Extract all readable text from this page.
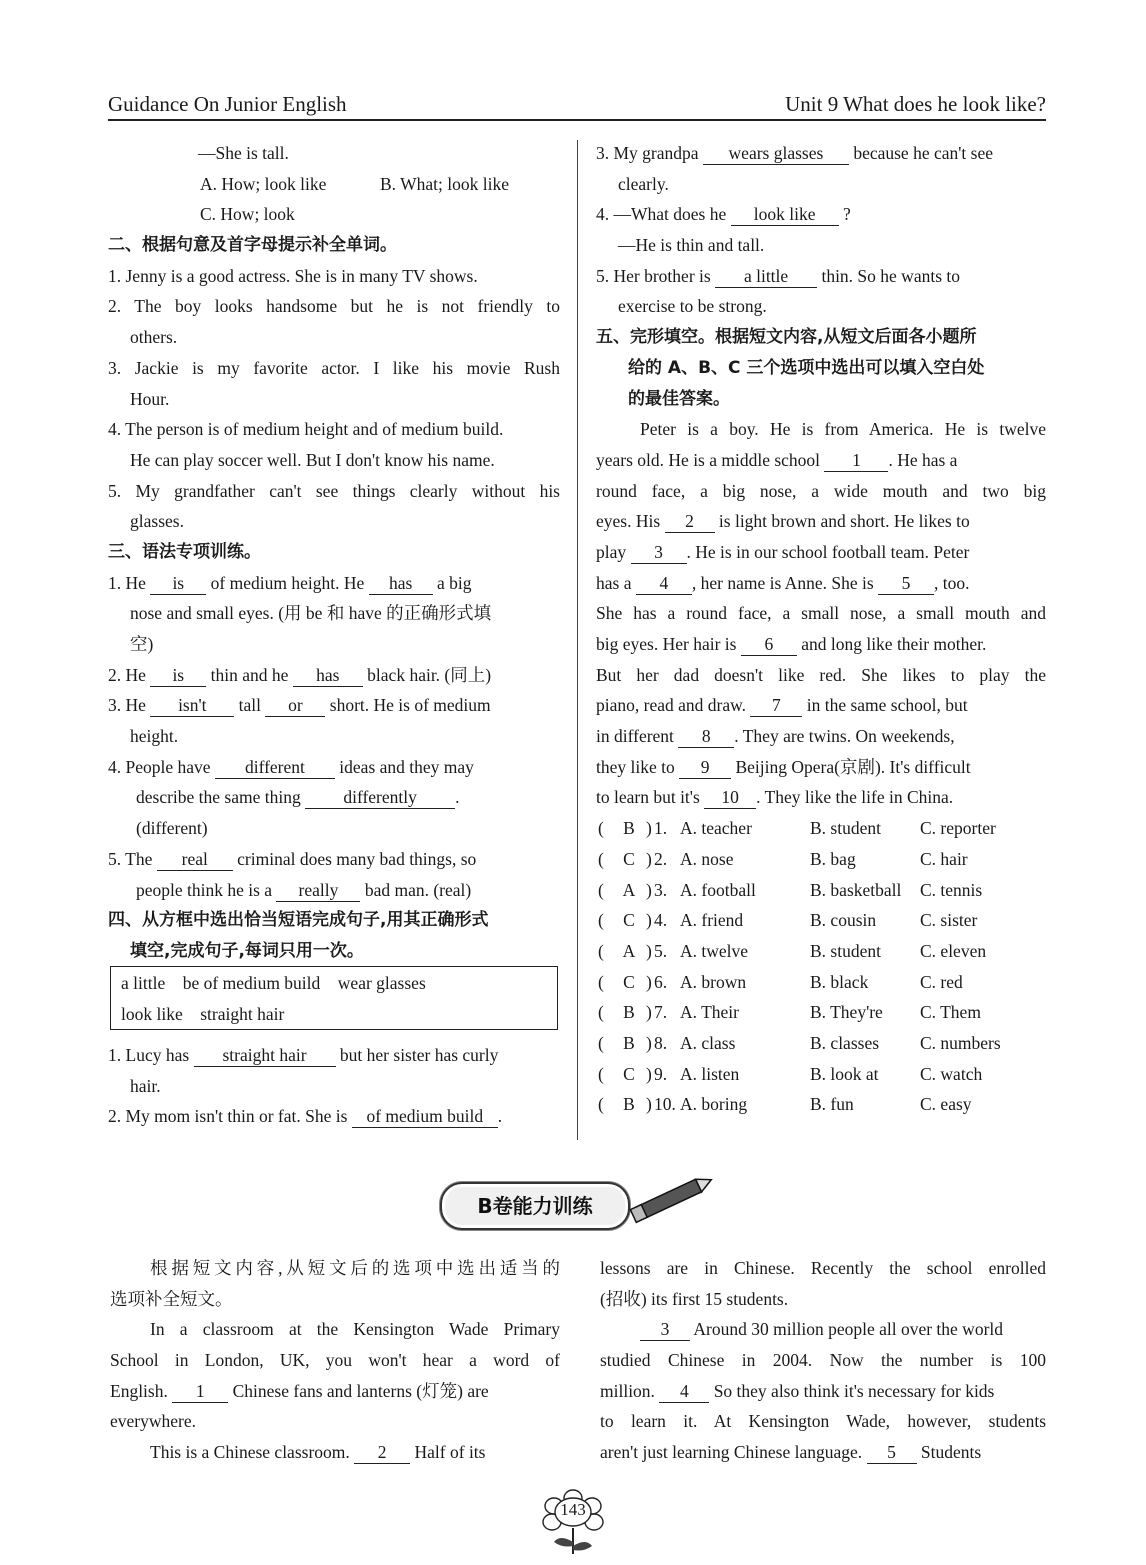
Guidance On Junior English	Unit 9 What does he look like?
—She is tall.
A. How; look like	B. What; look like
C. How; look
二、根据句意及首字母提示补全单词。
1. Jenny is a good actress. She is in many TV shows.
2. The boy looks handsome but he is not friendly to
others.
3. Jackie is my favorite actor. I like his movie Rush
Hour.
4. The person is of medium height and of medium build.
He can play soccer well. But I don't know his name.
5. My grandfather can't see things clearly without his
glasses.
三、语法专项训练。
1. He is of medium height. He has a big
nose and small eyes. (用 be 和 have 的正确形式填
空)
2. He is thin and he has black hair. (同上)
3. He isn't tall or short. He is of medium
height.
4. People have different ideas and they may
describe the same thing differently .
(different)
5. The real criminal does many bad things, so
people think he is a really bad man. (real)
四、从方框中选出恰当短语完成句子,用其正确形式
填空,完成句子,每词只用一次。
a little be of medium build wear glasses
look like straight hair
1. Lucy has straight hair but her sister has curly
hair.
2. My mom isn't thin or fat. She is of medium build .
3. My grandpa wears glasses because he can't see
clearly.
4. —What does he look like ?
—He is thin and tall.
5. Her brother is a little thin. So he wants to
exercise to be strong.
五、完形填空。根据短文内容,从短文后面各小题所
给的 A、B、C 三个选项中选出可以填入空白处
的最佳答案。
Peter is a boy. He is from America. He is twelve
years old. He is a middle school 1 . He has a
round face, a big nose, a wide mouth and two big
eyes. His 2 is light brown and short. He likes to
play 3 . He is in our school football team. Peter
has a 4 , her name is Anne. She is 5 , too.
She has a round face, a small nose, a small mouth and
big eyes. Her hair is 6 and long like their mother.
But her dad doesn't like red. She likes to play the
piano, read and draw. 7 in the same school, but
in different 8 . They are twins. On weekends,
they like to 9 Beijing Opera(京剧). It's difficult
to learn but it's 10 . They like the life in China.
( B ) 1. A. teacher	B. student C. reporter
( C ) 2. A. nose	B. bag	C. hair
( A ) 3. A. football	B. basketball C. tennis
( C ) 4. A. friend	B. cousin	C. sister
( A ) 5. A. twelve	B. student C. eleven
( C ) 6. A. brown	B. black	C. red
( B ) 7. A. Their	B. They're C. Them
( B ) 8. A. class	B. classes C. numbers
( C ) 9. A. listen	B. look at C. watch
( B ) 10. A. boring	B. fun	C. easy
B卷能力训练
根据短文内容,从短文后的选项中选出适当的
选项补全短文。
In a classroom at the Kensington Wade Primary
School in London, UK, you won't hear a word of
English. 1 Chinese fans and lanterns (灯笼) are
everywhere.
This is a Chinese classroom. 2 Half of its
lessons are in Chinese. Recently the school enrolled
(招收) its first 15 students.
3 Around 30 million people all over the world
studied Chinese in 2004. Now the number is 100
million. 4 So they also think it's necessary for kids
to learn it. At Kensington Wade, however, students
aren't just learning Chinese language. 5 Students
143
